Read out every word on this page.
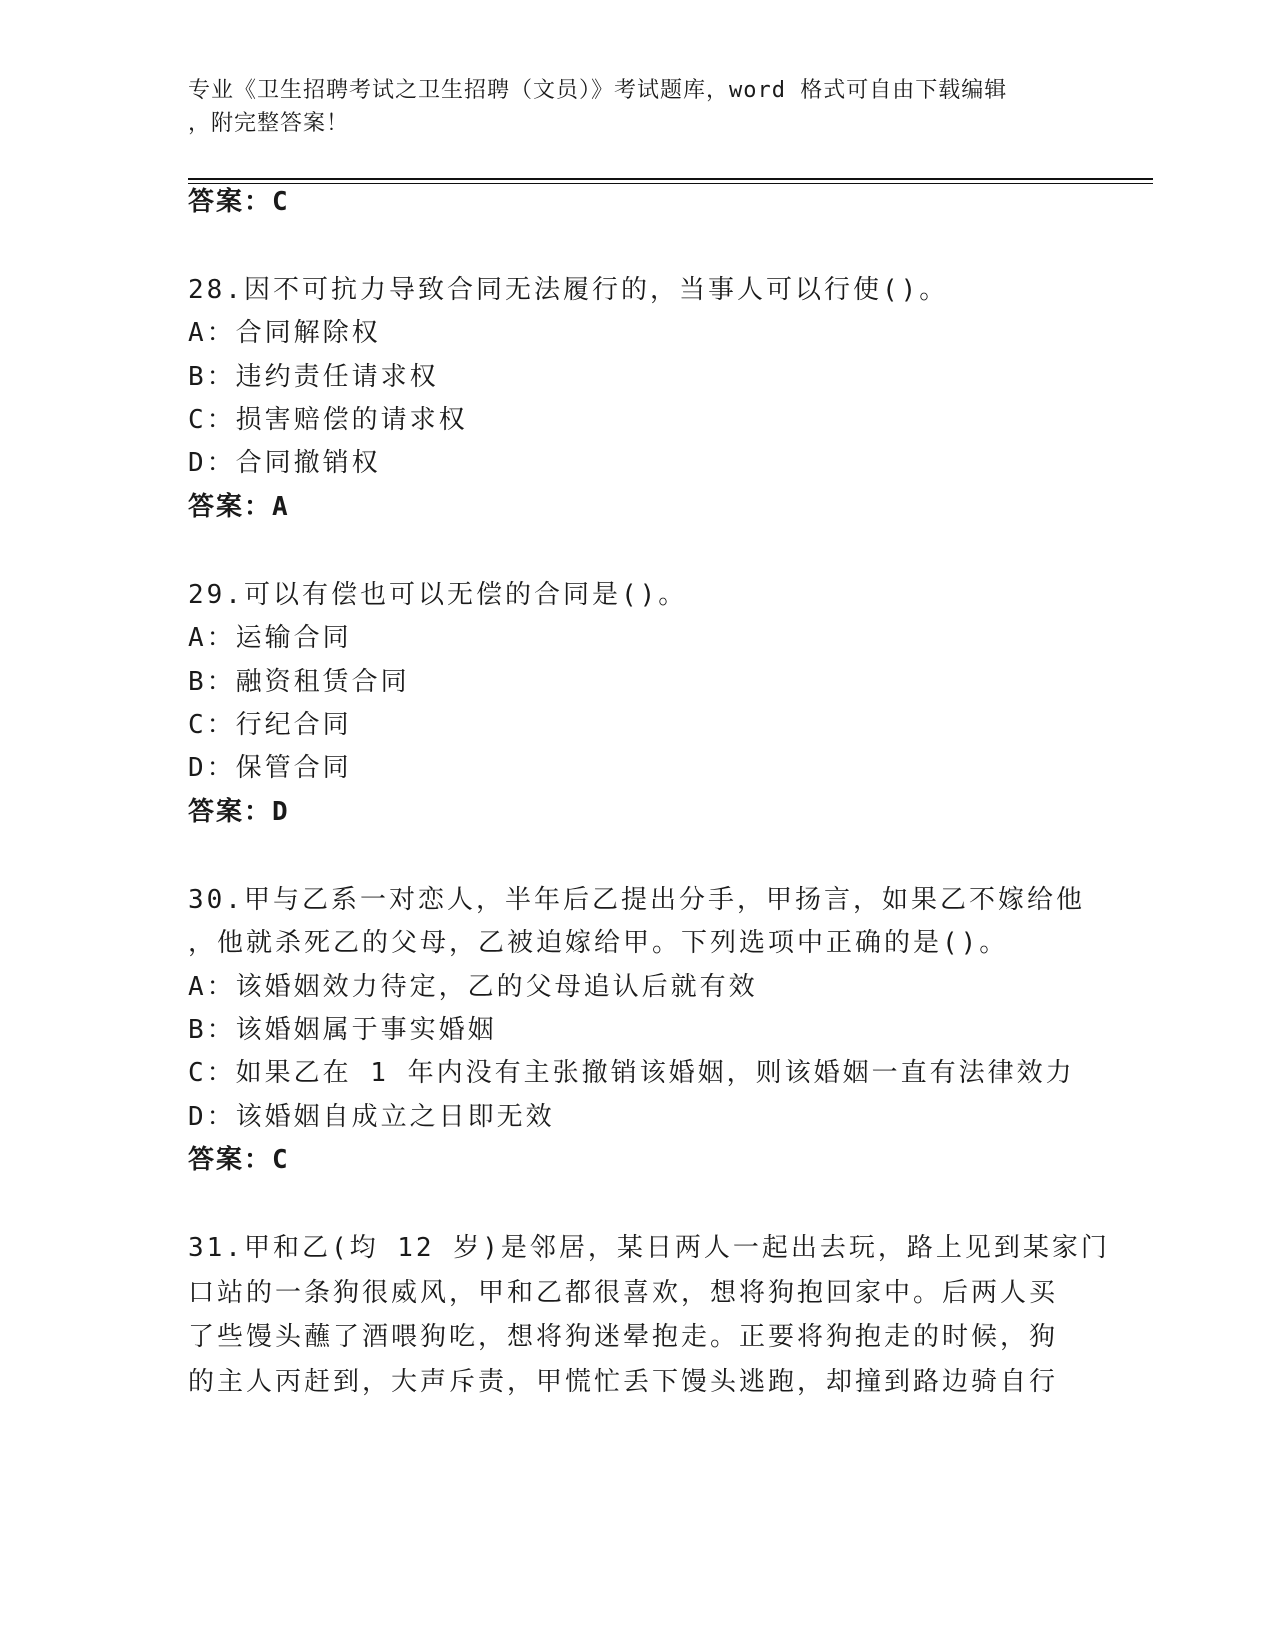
专业《卫生招聘考试之卫生招聘（文员）》考试题库，word 格式可自由下载编辑
，附完整答案！
答案：C
28.因不可抗力导致合同无法履行的，当事人可以行使()。
A：合同解除权
B：违约责任请求权
C：损害赔偿的请求权
D：合同撤销权
答案：A
29.可以有偿也可以无偿的合同是()。
A：运输合同
B：融资租赁合同
C：行纪合同
D：保管合同
答案：D
30.甲与乙系一对恋人，半年后乙提出分手，甲扬言，如果乙不嫁给他
，他就杀死乙的父母，乙被迫嫁给甲。下列选项中正确的是()。
A：该婚姻效力待定，乙的父母追认后就有效
B：该婚姻属于事实婚姻
C：如果乙在 1 年内没有主张撤销该婚姻，则该婚姻一直有法律效力
D：该婚姻自成立之日即无效
答案：C
31.甲和乙(均 12 岁)是邻居，某日两人一起出去玩，路上见到某家门
口站的一条狗很威风，甲和乙都很喜欢，想将狗抱回家中。后两人买
了些馒头蘸了酒喂狗吃，想将狗迷晕抱走。正要将狗抱走的时候，狗
的主人丙赶到，大声斥责，甲慌忙丢下馒头逃跑，却撞到路边骑自行
